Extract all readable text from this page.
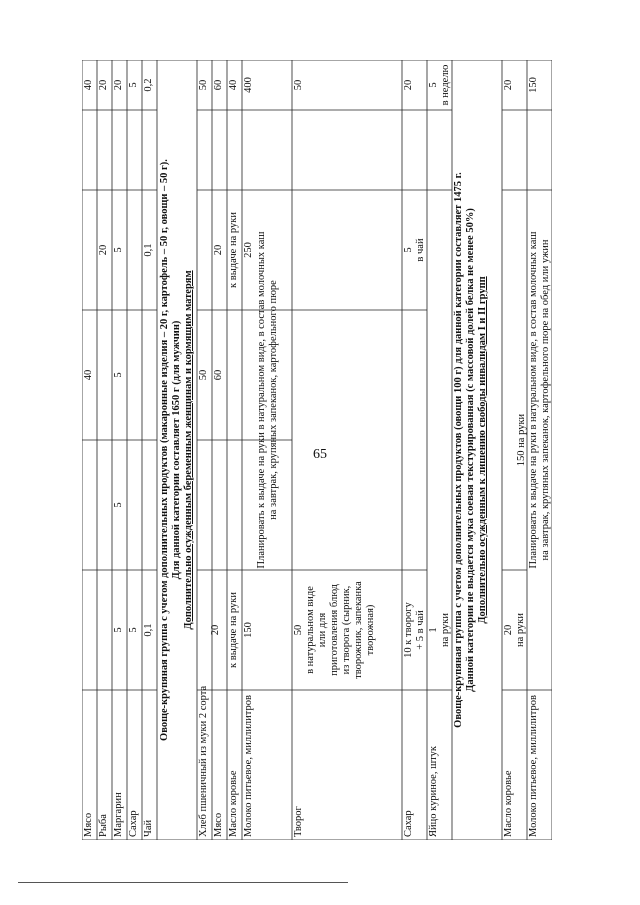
65
Мясо
40
40
Рыба
20
20
Маргарин
5
5
5
5
20
Сахар
5
5
Чай
0,1
0,1
0,2
Овоще-крупяная группа с учетом дополнительных продуктов (макаронные изделия – 20 г, картофель – 50 г, овощи – 50 г). Для данной категории составляет 1650 г (для мужчин) Дополнительно осужденным беременным женщинам и кормящим матерям
Хлеб пшеничный из муки 2 сорта
50
50
Мясо
60
60
Масло коровье
20 к выдаче на руки
20 к выдаче на руки
40
Молоко питьевое, миллилитров
150
250
400
Планировать к выдаче на руки в натуральном виде, в состав молочных каш на завтрак, крупяных запеканок, картофельного пюре
Творог
50 в натуральном виде или для приготовления блюд из творога (сырник, творожник, запеканка творожная)
50
Сахар
10 к творогу + 5 в чай
5 в чай
20
Яйцо куриное, штук
1 на руки
5 в неделю
Овоще-крупяная группа с учетом дополнительных продуктов (овощи 100 г) для данной категории составляет 1475 г. Данной категории не выдается мука соевая текстурированная (с массовой долей белка не менее 50%) Дополнительно осужденным к лишению свободы инвалидам I и II групп
Масло коровье
20 на руки
20
Молоко питьевое, миллилитров
150 на руки
150
Планировать к выдаче на руки в натуральном виде, в состав молочных каш на завтрак, крупяных запеканок, картофельного пюре на обед или ужин
